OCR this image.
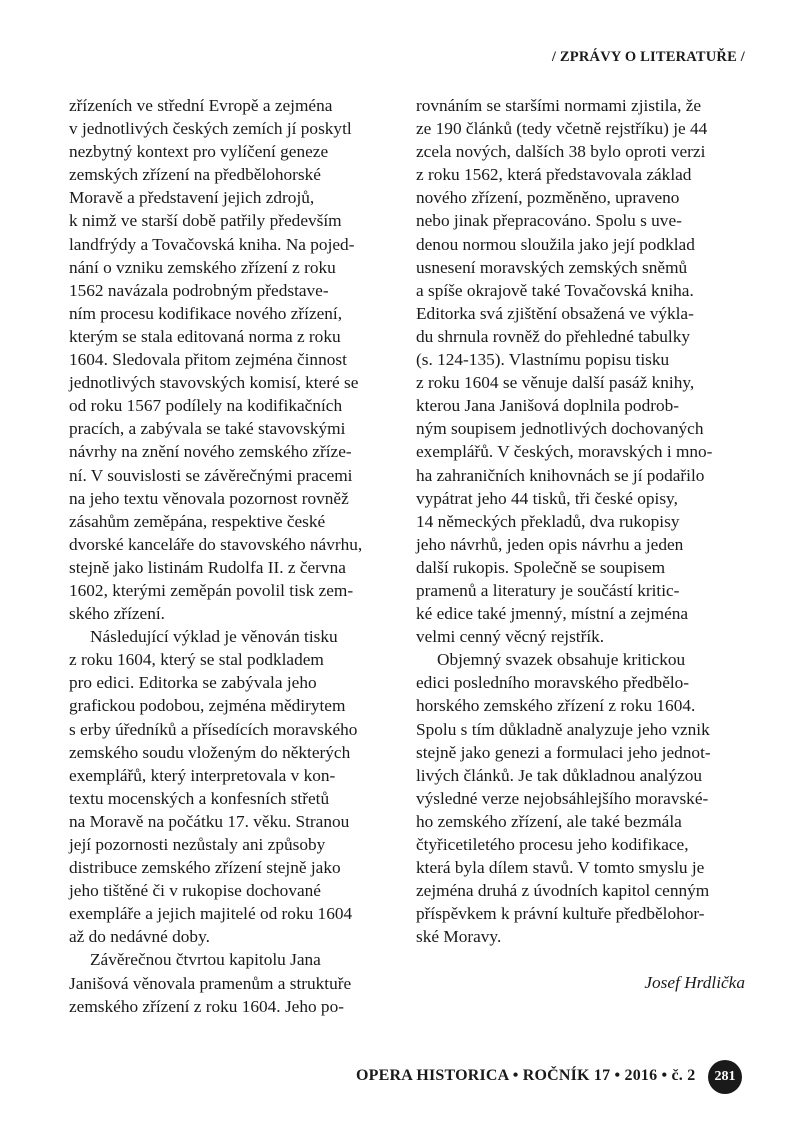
/ ZPRÁVY O LITERATUŘE /
zřízeních ve střední Evropě a zejména
v jednotlivých českých zemích jí poskytl
nezbytný kontext pro vylíčení geneze
zemských zřízení na předbělohorské
Moravě a představení jejich zdrojů,
k nimž ve starší době patřily především
landfrýdy a Tovačovská kniha. Na pojed-
nání o vzniku zemského zřízení z roku
1562 navázala podrobným představe-
ním procesu kodifikace nového zřízení,
kterým se stala editovaná norma z roku
1604. Sledovala přitom zejména činnost
jednotlivých stavovských komisí, které se
od roku 1567 podílely na kodifikačních
pracích, a zabývala se také stavovskými
návrhy na znění nového zemského zříze-
ní. V souvislosti se závěrečnými pracemi
na jeho textu věnovala pozornost rovněž
zásahům zeměpána, respektive české
dvorské kanceláře do stavovského návrhu,
stejně jako listinám Rudolfa II. z června
1602, kterými zeměpán povolil tisk zem-
ského zřízení.
Následující výklad je věnován tisku
z roku 1604, který se stal podkladem
pro edici. Editorka se zabývala jeho
grafickou podobou, zejména mědirytem
s erby úředníků a přísedících moravského
zemského soudu vloženým do některých
exemplářů, který interpretovala v kon-
textu mocenských a konfesních střetů
na Moravě na počátku 17. věku. Stranou
její pozornosti nezůstaly ani způsoby
distribuce zemského zřízení stejně jako
jeho tištěné či v rukopise dochované
exempláře a jejich majitelé od roku 1604
až do nedávné doby.
Závěrečnou čtvrtou kapitolu Jana
Janišová věnovala pramenům a struktuře
zemského zřízení z roku 1604. Jeho po-
rovnáním se staršími normami zjistila, že
ze 190 článků (tedy včetně rejstříku) je 44
zcela nových, dalších 38 bylo oproti verzi
z roku 1562, která představovala základ
nového zřízení, pozměněno, upraveno
nebo jinak přepracováno. Spolu s uve-
denou normou sloužila jako její podklad
usnesení moravských zemských sněmů
a spíše okrajově také Tovačovská kniha.
Editorka svá zjištění obsažená ve výkla-
du shrnula rovněž do přehledné tabulky
(s. 124-135). Vlastnímu popisu tisku
z roku 1604 se věnuje další pasáž knihy,
kterou Jana Janišová doplnila podrob-
ným soupisem jednotlivých dochovaných
exemplářů. V českých, moravských i mno-
ha zahraničních knihovnách se jí podařilo
vypátrat jeho 44 tisků, tři české opisy,
14 německých překladů, dva rukopisy
jeho návrhů, jeden opis návrhu a jeden
další rukopis. Společně se soupisem
pramenů a literatury je součástí kritic-
ké edice také jmenný, místní a zejména
velmi cenný věcný rejstřík.
Objemný svazek obsahuje kritickou
edici posledního moravského předbělo-
horského zemského zřízení z roku 1604.
Spolu s tím důkladně analyzuje jeho vznik
stejně jako genezi a formulaci jeho jednot-
livých článků. Je tak důkladnou analýzou
výsledné verze nejobsáhlejšího moravské-
ho zemského zřízení, ale také bezmála
čtyřicetiletého procesu jeho kodifikace,
která byla dílem stavů. V tomto smyslu je
zejména druhá z úvodních kapitol cenným
příspěvkem k právní kultuře předbělohor-
ské Moravy.
Josef Hrdlička
OPERA HISTORICA • ROČNÍK 17 • 2016 • č. 2	281
